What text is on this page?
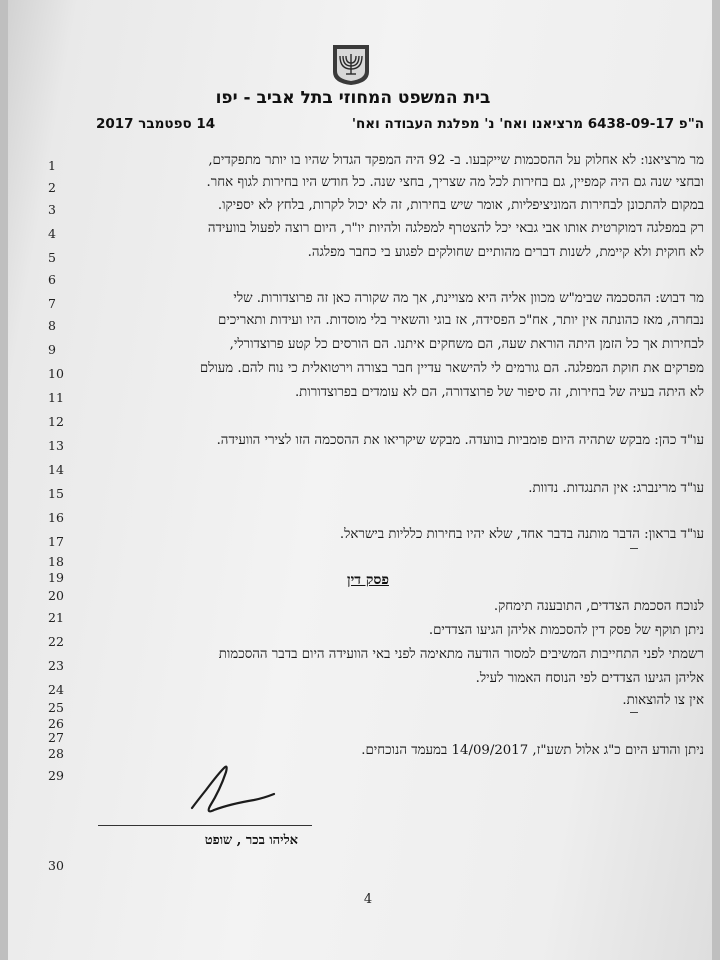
בית המשפט המחוזי בתל אביב - יפו
ה"פ 6438-09-17 מרציאנו ואח' נ' מפלגת העבודה ואח'
14 ספטמבר 2017
1
2
3
4
5
6
7
8
9
10
11
12
13
14
15
16
17
18
19
20
21
22
23
24
25
26
27
28
29
30
מר מרציאנו: לא אחלוק על ההסכמות שייקבעו. ב- 92 היה המפקד הגדול שהיו בו יותר מתפקדים,
ובחצי שנה גם היה קמפיין, גם בחירות לכל מה שצריך, בחצי שנה. כל חודש היו בחירות לגוף אחר.
במקום להתכונן לבחירות המוניציפליות, אומר שיש בחירות, זה לא יכול לקרות, בלחץ לא יספיקו.
רק במפלגה דמוקרטית אותו אבי גבאי יכל להצטרף למפלגה ולהיות יו"ר, היום רוצה לפעול בוועידה
לא חוקית ולא קיימת, לשנות דברים מהותיים שחולקים לפגוע בי כחבר מפלגה.
מר דבוש: ההסכמה שבימ"ש מכוון אליה היא מצויינת, אך מה שקורה כאן זה פרוצדורות. שלי
נבחרה, מאז כהונתה אין יותר, אח"כ הפסידה, אז בוגי והשאיר בלי מוסדות. היו ועידות ותאריכים
לבחירות אך כל הזמן היתה הוראת שעה, הם משחקים איתנו. הם הורסים כל קטע פרוצדורלי,
מפרקים את חוקת המפלגה. הם גורמים לי להישאר עדיין חבר בצורה וירטואלית כי נוח להם. מעולם
לא היתה בעיה של בחירות, זה סיפור של פרוצדורה, הם לא עומדים בפרוצדורות.
עו"ד כהן: מבקש שתהיה היום פומביות בוועדה. מבקש שיקריאו את ההסכמה הזו לצירי הוועידה.
עו"ד מרינברג: אין התנגדות. נדוות.
עו"ד בראון: הדבר מותנה בדבר אחד, שלא יהיו בחירות כלליות בישראל.
פסק דין
לנוכח הסכמת הצדדים, התובענה תימחק.
ניתן תוקף של פסק דין להסכמות אליהן הגיעו הצדדים.
רשמתי לפני התחייבות המשיבים למסור הודעה מתאימה לפני באי הוועידה היום בדבר ההסכמות
אליהן הגיעו הצדדים לפי הנוסח האמור לעיל.
אין צו להוצאות.
ניתן והודע היום כ"ג אלול תשע"ז, 14/09/2017 במעמד הנוכחים.
אליהו בכר , שופט
4
